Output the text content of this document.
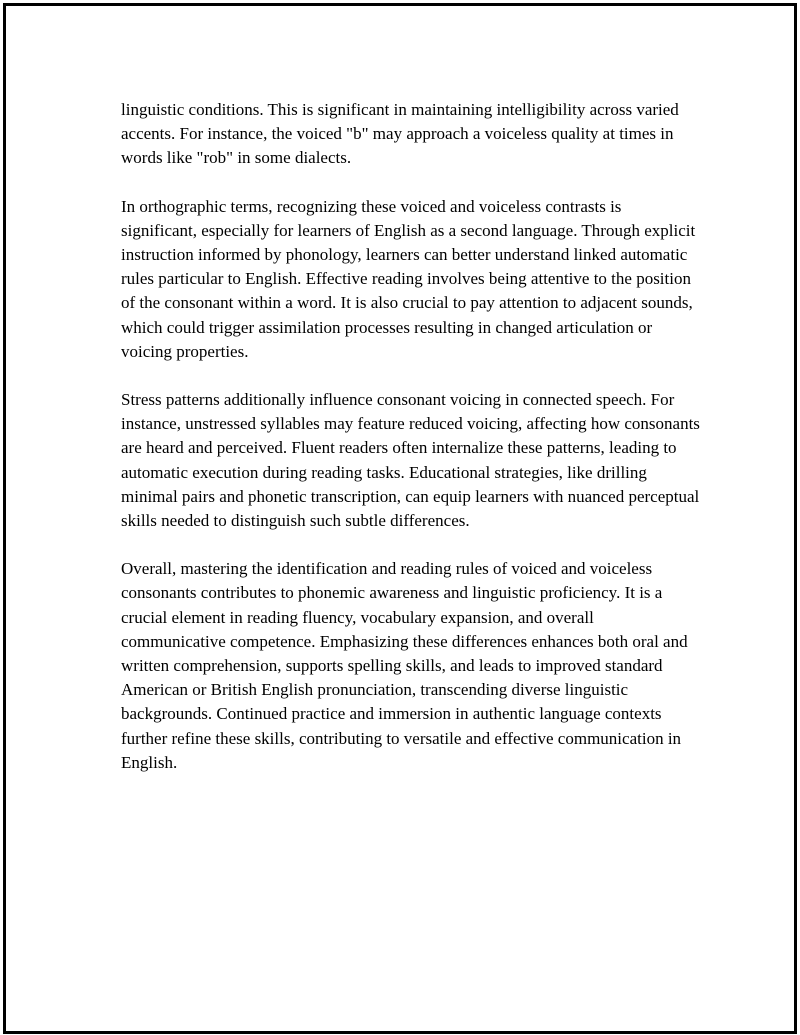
linguistic conditions. This is significant in maintaining intelligibility across varied accents. For instance, the voiced "b" may approach a voiceless quality at times in words like "rob" in some dialects.

In orthographic terms, recognizing these voiced and voiceless contrasts is significant, especially for learners of English as a second language. Through explicit instruction informed by phonology, learners can better understand linked automatic rules particular to English. Effective reading involves being attentive to the position of the consonant within a word. It is also crucial to pay attention to adjacent sounds, which could trigger assimilation processes resulting in changed articulation or voicing properties.

Stress patterns additionally influence consonant voicing in connected speech. For instance, unstressed syllables may feature reduced voicing, affecting how consonants are heard and perceived. Fluent readers often internalize these patterns, leading to automatic execution during reading tasks. Educational strategies, like drilling minimal pairs and phonetic transcription, can equip learners with nuanced perceptual skills needed to distinguish such subtle differences.

Overall, mastering the identification and reading rules of voiced and voiceless consonants contributes to phonemic awareness and linguistic proficiency. It is a crucial element in reading fluency, vocabulary expansion, and overall communicative competence. Emphasizing these differences enhances both oral and written comprehension, supports spelling skills, and leads to improved standard American or British English pronunciation, transcending diverse linguistic backgrounds. Continued practice and immersion in authentic language contexts further refine these skills, contributing to versatile and effective communication in English.
